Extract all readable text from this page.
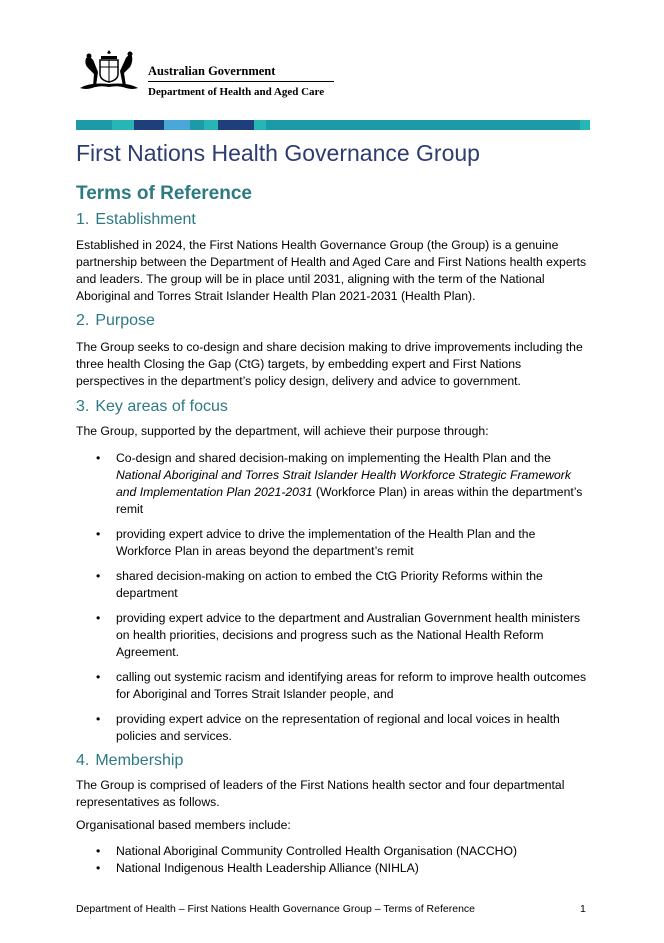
Australian Government
Department of Health and Aged Care
First Nations Health Governance Group
Terms of Reference
1. Establishment

Established in 2024, the First Nations Health Governance Group (the Group) is a genuine partnership between the Department of Health and Aged Care and First Nations health experts and leaders. The group will be in place until 2031, aligning with the term of the National Aboriginal and Torres Strait Islander Health Plan 2021-2031 (Health Plan).

2. Purpose

The Group seeks to co-design and share decision making to drive improvements including the three health Closing the Gap (CtG) targets, by embedding expert and First Nations perspectives in the department’s policy design, delivery and advice to government.

3. Key areas of focus

The Group, supported by the department, will achieve their purpose through:

• Co-design and shared decision-making on implementing the Health Plan and the National Aboriginal and Torres Strait Islander Health Workforce Strategic Framework and Implementation Plan 2021-2031 (Workforce Plan) in areas within the department’s remit
• providing expert advice to drive the implementation of the Health Plan and the Workforce Plan in areas beyond the department’s remit
• shared decision-making on action to embed the CtG Priority Reforms within the department
• providing expert advice to the department and Australian Government health ministers on health priorities, decisions and progress such as the National Health Reform Agreement.
• calling out systemic racism and identifying areas for reform to improve health outcomes for Aboriginal and Torres Strait Islander people, and
• providing expert advice on the representation of regional and local voices in health policies and services.
4. Membership

The Group is comprised of leaders of the First Nations health sector and four departmental representatives as follows.

Organisational based members include:

• National Aboriginal Community Controlled Health Organisation (NACCHO)
• National Indigenous Health Leadership Alliance (NIHLA)
Department of Health – First Nations Health Governance Group – Terms of Reference	1
